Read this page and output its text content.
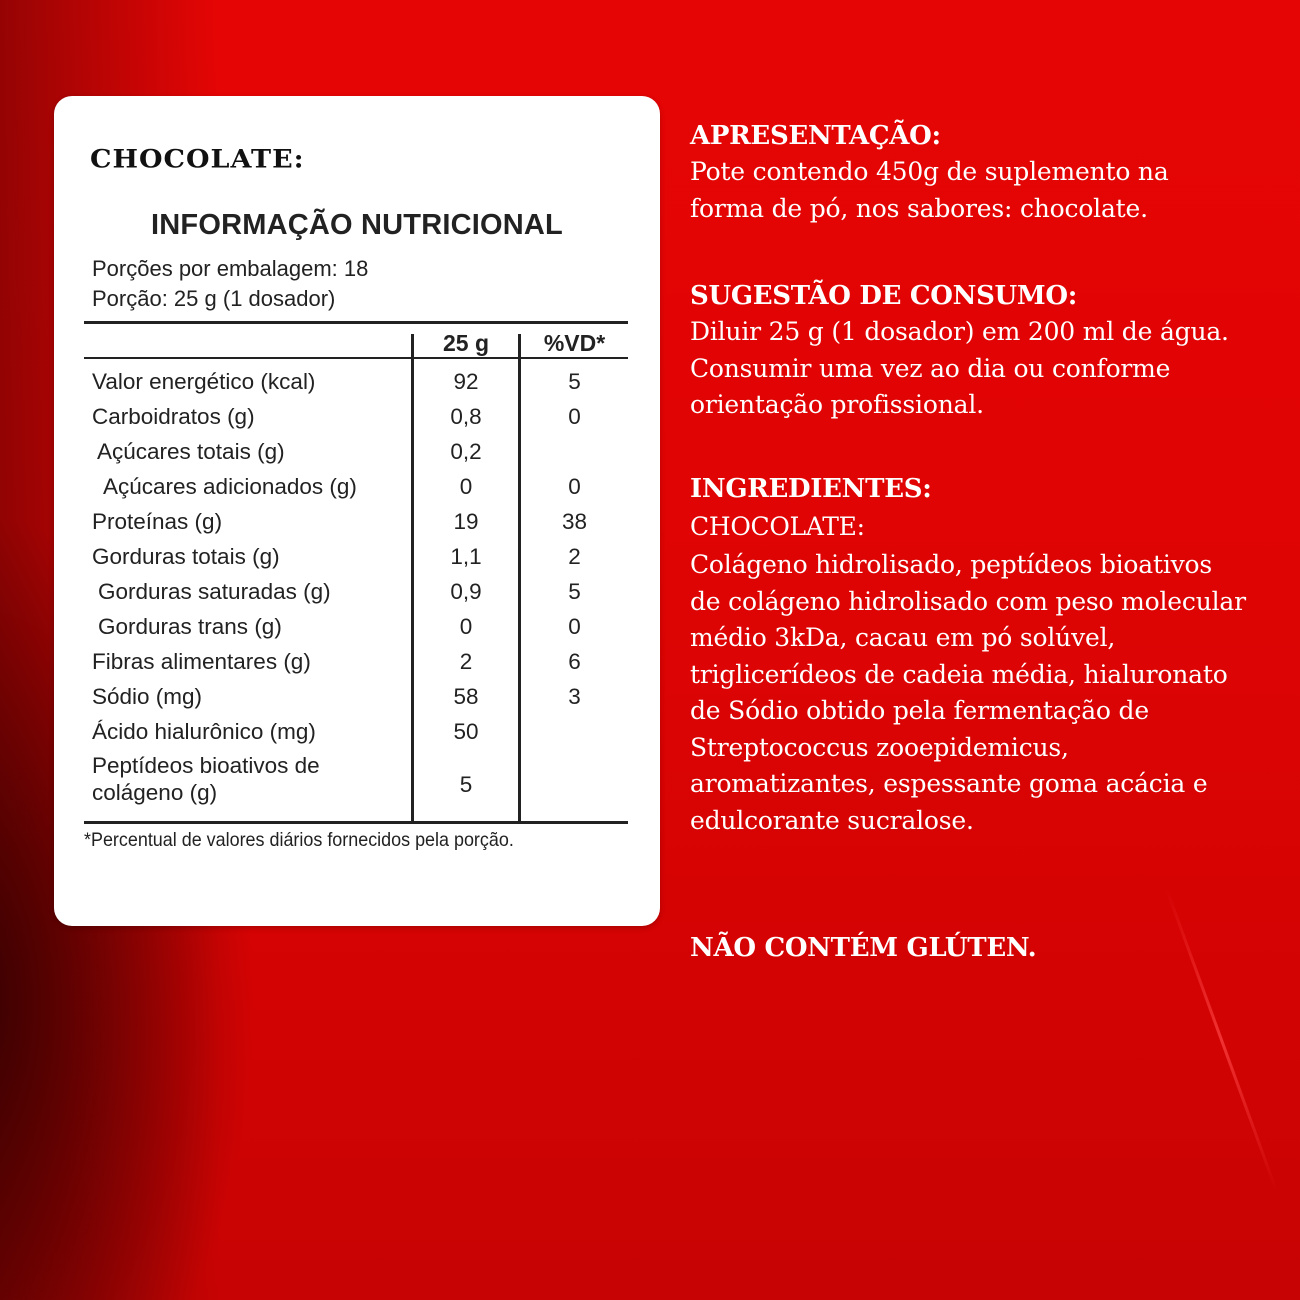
CHOCOLATE:
INFORMAÇÃO NUTRICIONAL
Porções por embalagem: 18
Porção: 25 g (1 dosador)
25 g	%VD*
Valor energético (kcal)	92	5
Carboidratos (g)	0,8	0
Açúcares totais (g)	0,2
Açúcares adicionados (g)	0	0
Proteínas (g)	19	38
Gorduras totais (g)	1,1	2
Gorduras saturadas (g)	0,9	5
Gorduras trans (g)	0	0
Fibras alimentares (g)	2	6
Sódio (mg)	58	3
Ácido hialurônico (mg)	50
Peptídeos bioativos de colágeno (g)	5
*Percentual de valores diários fornecidos pela porção.

APRESENTAÇÃO:

Pote contendo 450g de suplemento na forma de pó, nos sabores: chocolate.

SUGESTÃO DE CONSUMO:

Diluir 25 g (1 dosador) em 200 ml de água. Consumir uma vez ao dia ou conforme orientação profissional.

INGREDIENTES:

CHOCOLATE:

Colágeno hidrolisado, peptídeos bioativos de colágeno hidrolisado com peso molecular médio 3kDa, cacau em pó solúvel, triglicerídeos de cadeia média, hialuronato de Sódio obtido pela fermentação de Streptococcus zooepidemicus, aromatizantes, espessante goma acácia e edulcorante sucralose.

NÃO CONTÉM GLÚTEN.
